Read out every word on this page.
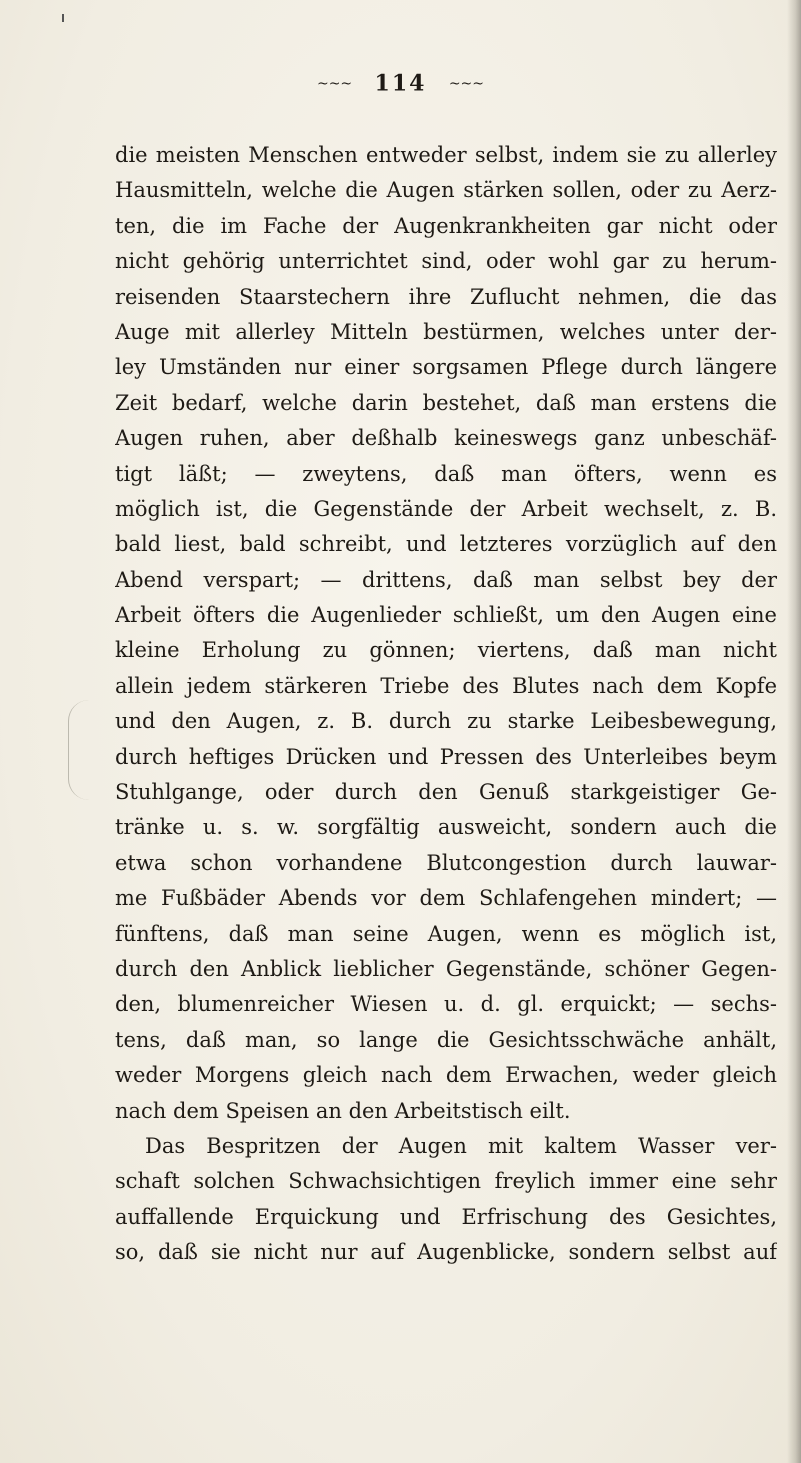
~~~ 114 ~~~
die meisten Menschen entweder selbst, indem sie zu allerley
Hausmitteln, welche die Augen stärken sollen, oder zu Aerz-
ten, die im Fache der Augenkrankheiten gar nicht oder
nicht gehörig unterrichtet sind, oder wohl gar zu herum-
reisenden Staarstechern ihre Zuflucht nehmen, die das
Auge mit allerley Mitteln bestürmen, welches unter der-
ley Umständen nur einer sorgsamen Pflege durch längere
Zeit bedarf, welche darin bestehet, daß man erstens die
Augen ruhen, aber deßhalb keineswegs ganz unbeschäf-
tigt läßt; — zweytens, daß man öfters, wenn es
möglich ist, die Gegenstände der Arbeit wechselt, z. B.
bald liest, bald schreibt, und letzteres vorzüglich auf den
Abend verspart; — drittens, daß man selbst bey der
Arbeit öfters die Augenlieder schließt, um den Augen eine
kleine Erholung zu gönnen; viertens, daß man nicht
allein jedem stärkeren Triebe des Blutes nach dem Kopfe
und den Augen, z. B. durch zu starke Leibesbewegung,
durch heftiges Drücken und Pressen des Unterleibes beym
Stuhlgange, oder durch den Genuß starkgeistiger Ge-
tränke u. s. w. sorgfältig ausweicht, sondern auch die
etwa schon vorhandene Blutcongestion durch lauwar-
me Fußbäder Abends vor dem Schlafengehen mindert; —
fünftens, daß man seine Augen, wenn es möglich ist,
durch den Anblick lieblicher Gegenstände, schöner Gegen-
den, blumenreicher Wiesen u. d. gl. erquickt; — sechs-
tens, daß man, so lange die Gesichtsschwäche anhält,
weder Morgens gleich nach dem Erwachen, weder gleich
nach dem Speisen an den Arbeitstisch eilt.
Das Bespritzen der Augen mit kaltem Wasser ver-
schaft solchen Schwachsichtigen freylich immer eine sehr
auffallende Erquickung und Erfrischung des Gesichtes,
so, daß sie nicht nur auf Augenblicke, sondern selbst auf
